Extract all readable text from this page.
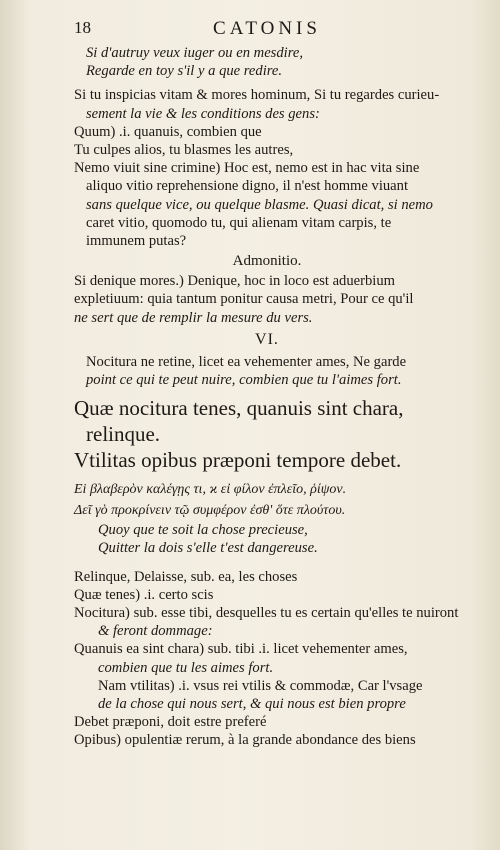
18	CATONIS
Si d'autruy veux iuger ou en mesdire,
Regarde en toy s'il y a que redire.
Si tu inspicias vitam & mores hominum, Si tu regardes curieu-
sement la vie & les conditions des gens:
Quum) .i. quanuis, combien que
Tu culpes alios, tu blasmes les autres,
Nemo viuit sine crimine) Hoc est, nemo est in hac vita sine
aliquo vitio reprehensione digno, il n'est homme viuant
sans quelque vice, ou quelque blasme. Quasi dicat, si nemo
caret vitio, quomodo tu, qui alienam vitam carpis, te
immunem putas?
Admonitio.
Si denique mores.) Denique, hoc in loco est aduerbium
expletiuum: quia tantum ponitur causa metri, Pour ce qu'il
ne sert que de remplir la mesure du vers.
VI.
Nocitura ne retine, licet ea vehementer ames, Ne garde
point ce qui te peut nuire, combien que tu l'aimes fort.
Quæ nocitura tenes, quanuis sint chara,
relinque.
Vtilitas opibus præponi tempore debet.
Ei βλαβερὸν καλέγῃς τι, ϰ εἰ φίλον ἐπλεῖο, ῥίψον.
Δεῖ γὸ προκρίνειν τῷ συμφέρον ἐσθ' ὅτε πλούτου.
Quoy que te soit la chose precieuse,
Quitter la dois s'elle t'est dangereuse.
Relinque, Delaisse, sub. ea, les choses
Quæ tenes) .i. certo scis
Nocitura) sub. esse tibi, desquelles tu es certain qu'elles te nuiront
& feront dommage:
Quanuis ea sint chara) sub. tibi .i. licet vehementer ames,
combien que tu les aimes fort.
Nam vtilitas) .i. vsus rei vtilis & commodæ, Car l'vsage
de la chose qui nous sert, & qui nous est bien propre
Debet præponi, doit estre preferé
Opibus) opulentiæ rerum, à la grande abondance des biens
